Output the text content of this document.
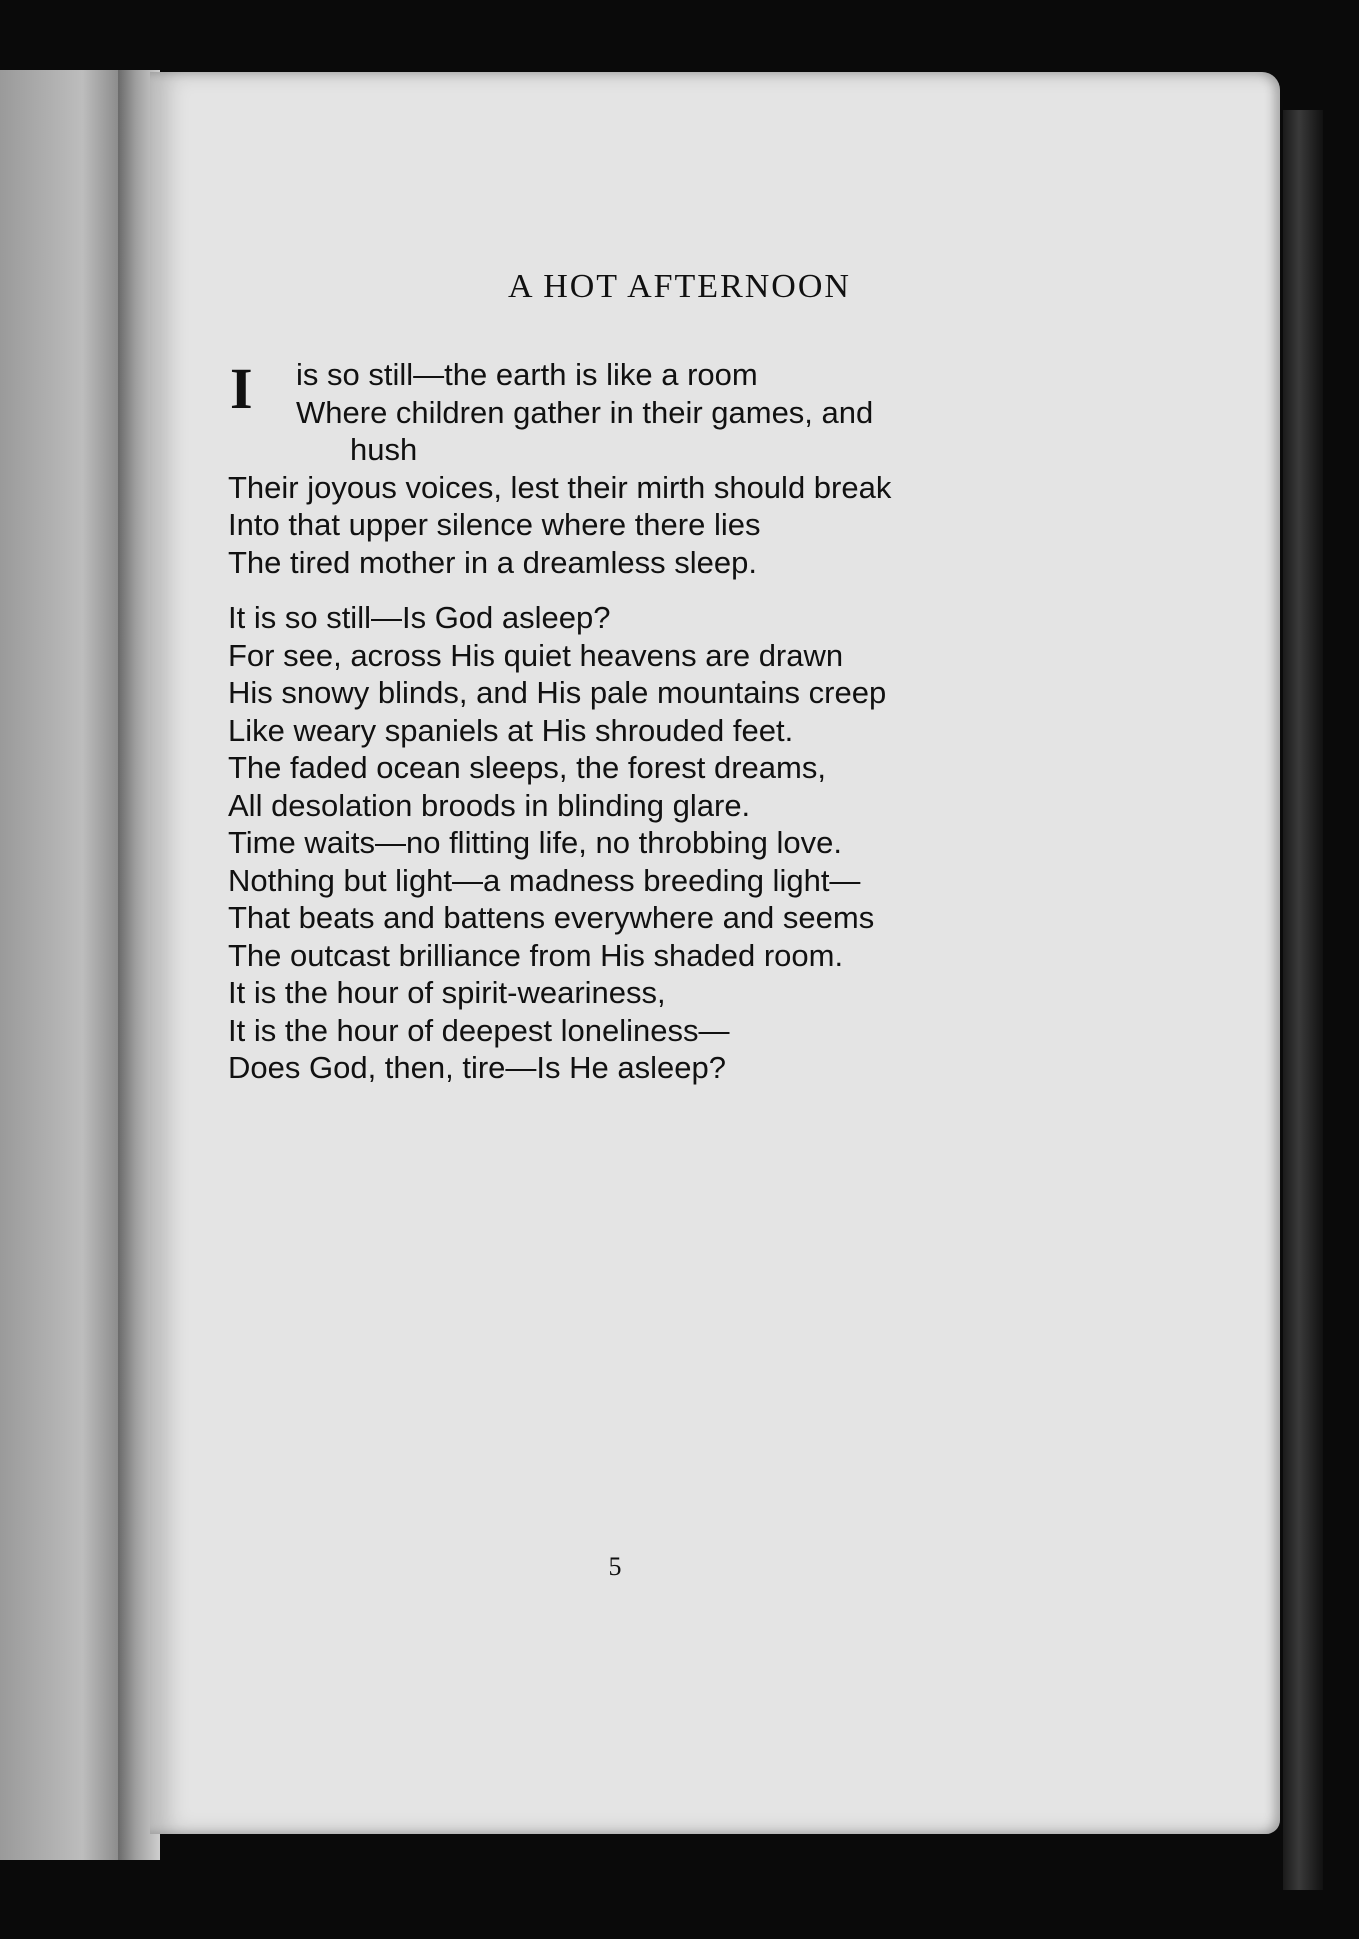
A HOT AFTERNOON
I	is so still—the earth is like a room
Where children gather in their games, and
hush
Their joyous voices, lest their mirth should break
Into that upper silence where there lies
The tired mother in a dreamless sleep.
It is so still—Is God asleep?
For see, across His quiet heavens are drawn
His snowy blinds, and His pale mountains creep
Like weary spaniels at His shrouded feet.
The faded ocean sleeps, the forest dreams,
All desolation broods in blinding glare.
Time waits—no flitting life, no throbbing love.
Nothing but light—a madness breeding light—
That beats and battens everywhere and seems
The outcast brilliance from His shaded room.
It is the hour of spirit-weariness,
It is the hour of deepest loneliness—
Does God, then, tire—Is He asleep?
5
